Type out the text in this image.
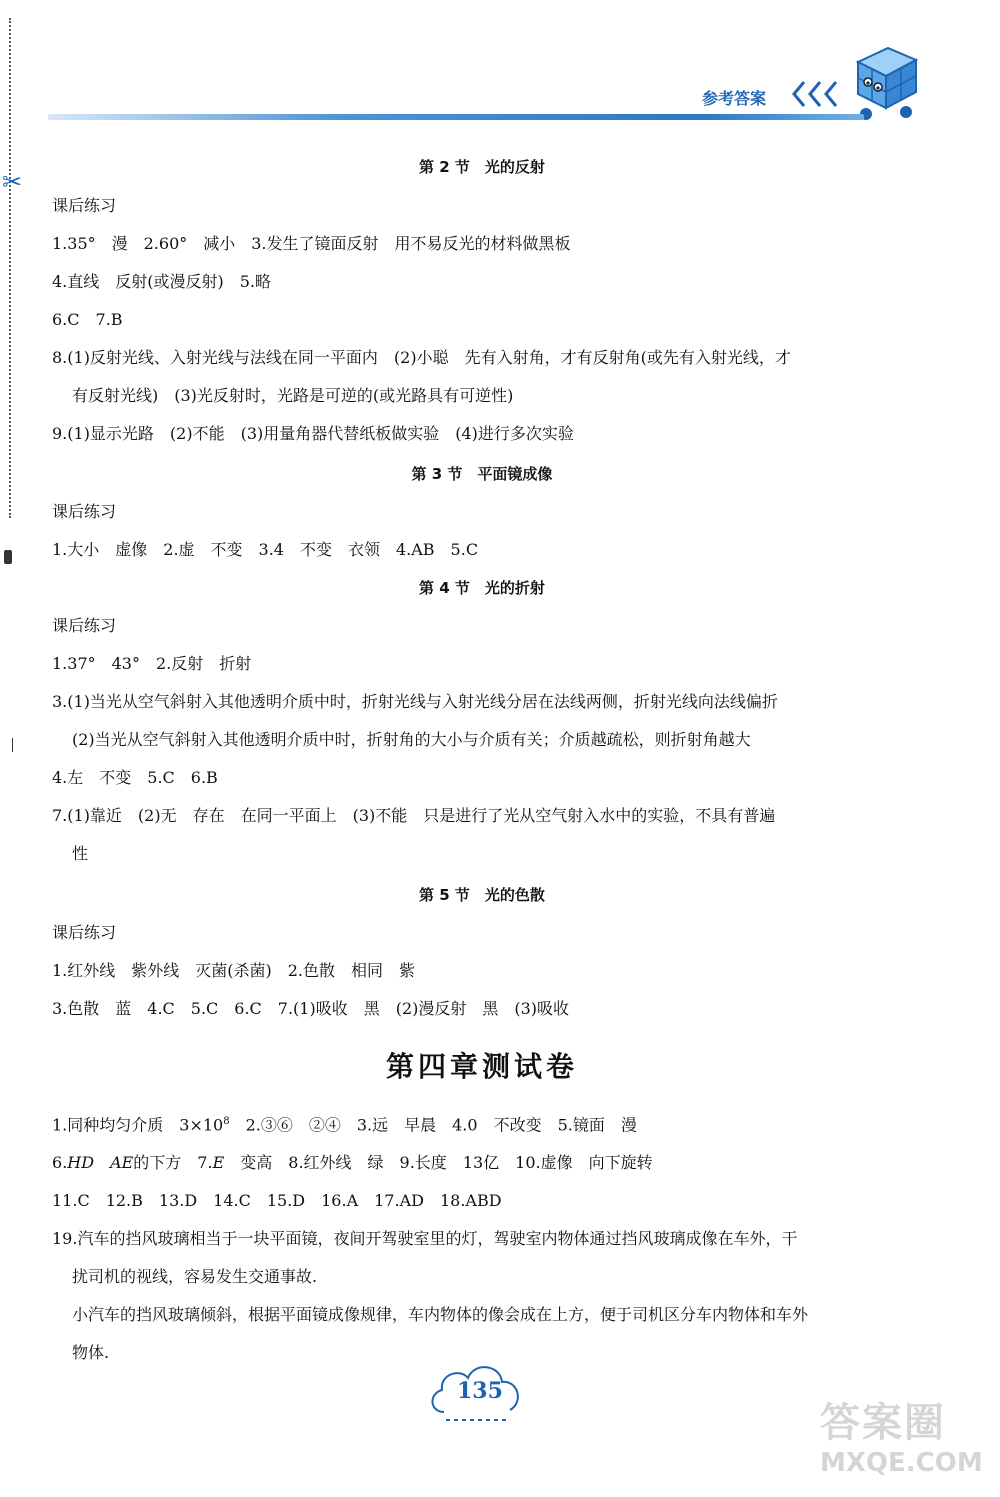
✂
参考答案
第 2 节　光的反射
课后练习
1.35°　漫　2.60°　减小　3.发生了镜面反射　用不易反光的材料做黑板
4.直线　反射(或漫反射)　5.略
6.C　7.B
8.(1)反射光线、入射光线与法线在同一平面内　(2)小聪　先有入射角，才有反射角(或先有入射光线，才
有反射光线)　(3)光反射时，光路是可逆的(或光路具有可逆性)
9.(1)显示光路　(2)不能　(3)用量角器代替纸板做实验　(4)进行多次实验
第 3 节　平面镜成像
课后练习
1.大小　虚像　2.虚　不变　3.4　不变　衣领　4.AB　5.C
第 4 节　光的折射
课后练习
1.37°　43°　2.反射　折射
3.(1)当光从空气斜射入其他透明介质中时，折射光线与入射光线分居在法线两侧，折射光线向法线偏折
(2)当光从空气斜射入其他透明介质中时，折射角的大小与介质有关；介质越疏松，则折射角越大
4.左　不变　5.C　6.B
7.(1)靠近　(2)无　存在　在同一平面上　(3)不能　只是进行了光从空气射入水中的实验，不具有普遍
性
第 5 节　光的色散
课后练习
1.红外线　紫外线　灭菌(杀菌)　2.色散　相同　紫
3.色散　蓝　4.C　5.C　6.C　7.(1)吸收　黑　(2)漫反射　黑　(3)吸收
第四章测试卷
1.同种均匀介质　$3\times 10^8$　2.③⑥　②④　3.远　早晨　4.0　不改变　5.镜面　漫
6.HD　 AE的下方　7.E　变高　8.红外线　绿　9.长度　13亿　10.虚像　向下旋转
11.C　12.B　13.D　14.C　15.D　16.A　17.AD　18.ABD
19.汽车的挡风玻璃相当于一块平面镜，夜间开驾驶室里的灯，驾驶室内物体通过挡风玻璃成像在车外，干
扰司机的视线，容易发生交通事故.
小汽车的挡风玻璃倾斜，根据平面镜成像规律，车内物体的像会成在上方，便于司机区分车内物体和车外
物体.
135
答案圈
MXQE.COM
